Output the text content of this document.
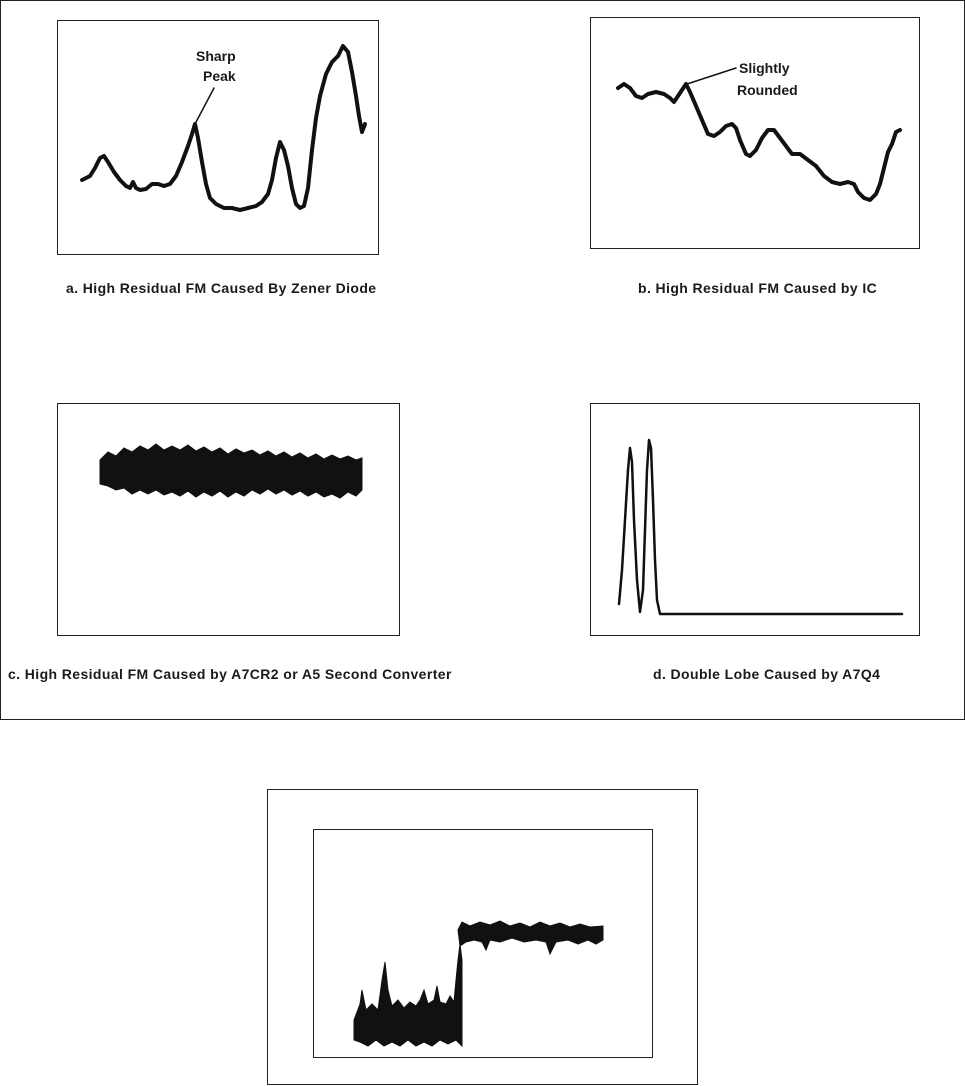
Sharp
Peak
a. High Residual FM Caused By Zener Diode
Slightly
Rounded
b. High Residual FM Caused by IC
c. High Residual FM Caused by A7CR2 or A5 Second Converter	d. Double Lobe Caused by A7Q4
